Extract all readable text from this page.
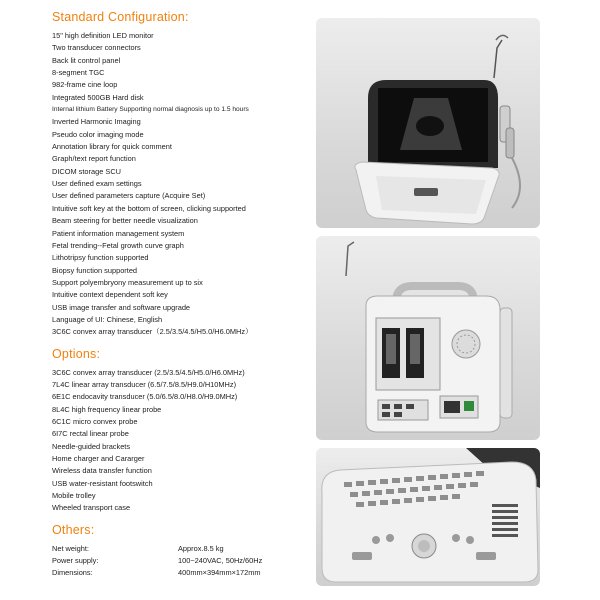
Standard Configuration:
15" high definition LED monitor
Two transducer connectors
Back lit control panel
8-segment TGC
982-frame cine loop
Integrated 500GB Hard disk
Internal lithium Battery Supporting normal diagnosis up to 1.5 hours
Inverted Harmonic Imaging
Pseudo color imaging mode
Annotation library for quick comment
Graph/text report function
DICOM storage SCU
User defined exam settings
User defined parameters capture (Acquire Set)
Intuitive soft key at the bottom of screen, clicking supported
Beam steering for better needle visualization
Patient information management system
Fetal trending--Fetal growth curve graph
Lithotripsy function supported
Biopsy function supported
Support polyembryony measurement up to six
Intuitive context dependent soft key
USB image transfer and software upgrade
Language of UI: Chinese, English
3C6C convex array transducer（2.5/3.5/4.5/H5.0/H6.0MHz）
Options:
3C6C convex array transducer (2.5/3.5/4.5/H5.0/H6.0MHz)
7L4C linear array transducer (6.5/7.5/8.5/H9.0/H10MHz)
6E1C endocavity transducer (5.0/6.5/8.0/H8.0/H9.0MHz)
8L4C high frequency linear probe
6C1C micro convex probe
6I7C rectal linear probe
Needle-guided brackets
Home charger and Cararger
Wireless data transfer function
USB water-resistant footswitch
Mobile trolley
Wheeled transport case
Others:
Net weight:	Approx.8.5 kg
Power supply:	100~240VAC, 50Hz/60Hz
Dimensions:	400mm×394mm×172mm
